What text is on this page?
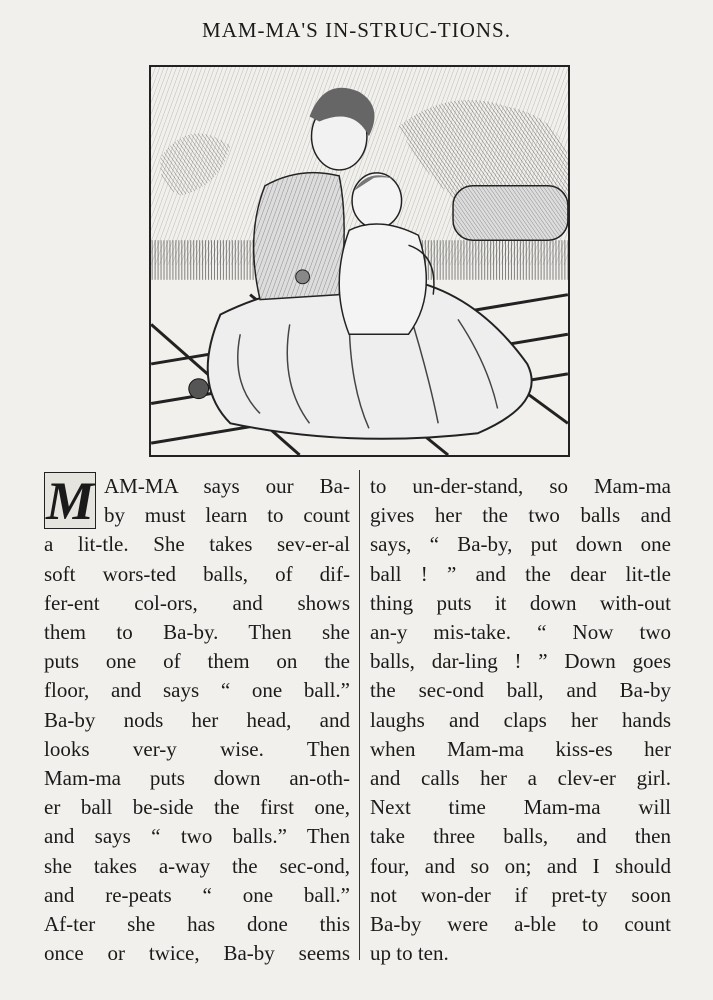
MAM-MA'S IN-STRUC-TIONS.
M AM-MA says our Ba-
by must learn to count
a lit-tle. She takes sev-er-al
soft wors-ted balls, of dif-
fer-ent col-ors, and shows
them to Ba-by. Then she
puts one of them on the
floor, and says “ one ball.”
Ba-by nods her head, and
looks ver-y wise. Then
Mam-ma puts down an-oth-
er ball be-side the first one,
and says “ two balls.” Then
she takes a-way the sec-ond,
and re-peats “ one ball.”
Af-ter she has done this
once or twice, Ba-by seems
to un-der-stand, so Mam-ma
gives her the two balls and
says, “ Ba-by, put down one
ball ! ” and the dear lit-tle
thing puts it down with-out
an-y mis-take. “ Now two
balls, dar-ling ! ” Down goes
the sec-ond ball, and Ba-by
laughs and claps her hands
when Mam-ma kiss-es her
and calls her a clev-er girl.
Next time Mam-ma will
take three balls, and then
four, and so on; and I should
not won-der if pret-ty soon
Ba-by were a-ble to count
up to ten.
